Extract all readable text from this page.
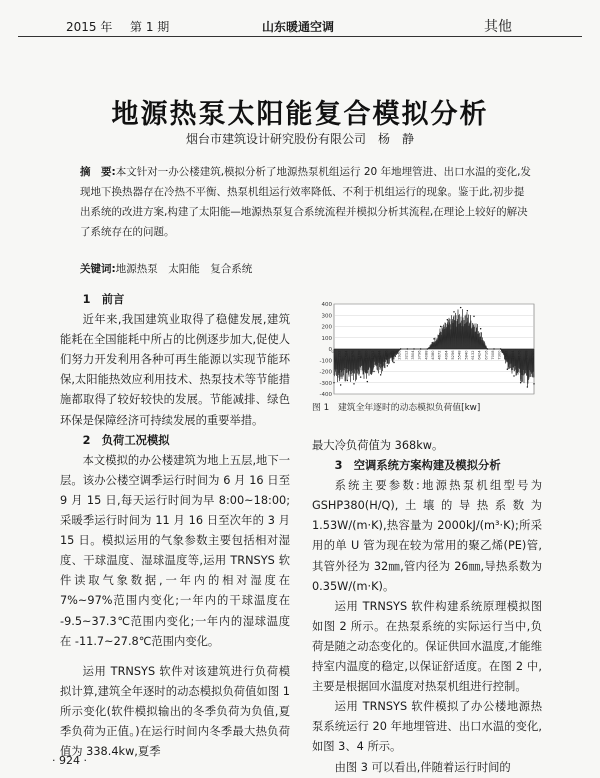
2015 年 第 1 期	山东暖通空调	其他
地源热泵太阳能复合模拟分析
烟台市建筑设计研究股份有限公司　杨　静
摘　要:本文针对一办公楼建筑,模拟分析了地源热泵机组运行 20 年地埋管进、出口水温的变化,发现地下换热器存在冷热不平衡、热泵机组运行效率降低、不利于机组运行的现象。鉴于此,初步提出系统的改进方案,构建了太阳能—地源热泵复合系统流程并模拟分析其流程,在理论上较好的解决了系统存在的问题。
关键词:地源热泵　太阳能　复合系统
1　前言

近年来,我国建筑业取得了稳健发展,建筑能耗在全国能耗中所占的比例逐步加大,促使人们努力开发利用各种可再生能源以实现节能环保,太阳能热效应利用技术、热泵技术等节能措施都取得了较好较快的发展。节能减排、绿色环保是保障经济可持续发展的重要举措。

2　负荷工况模拟

本文模拟的办公楼建筑为地上五层,地下一层。该办公楼空调季运行时间为 6 月 16 日至 9 月 15 日,每天运行时间为早 8:00~18:00;采暖季运行时间为 11 月 16 日至次年的 3 月 15 日。模拟运用的气象参数主要包括相对湿度、干球温度、湿球温度等,运用 TRNSYS 软件读取气象数据,一年内的相对湿度在 7%~97%范围内变化;一年内的干球温度在 -9.5~37.3℃范围内变化;一年内的湿球温度在 -11.7~27.8℃范围内变化。

运用 TRNSYS 软件对该建筑进行负荷模拟计算,建筑全年逐时的动态模拟负荷值如图 1 所示变化(软件模拟输出的冬季负荷为负值,夏季负荷为正值。)在运行时间内冬季最大热负荷值为 338.4kw,夏季

400
300
200
100
0
-100
-200
-300
-400
0 292 584 876 1168 1460 1752 2044 2336 2628 2920 3212 3504 3796 4088 4380 4672 4964 5256 5548 5840 6132 6424 6716 7008 7300 7592 7884 8176 8468 8760
图 1　建筑全年逐时的动态模拟负荷值[kw]

最大冷负荷值为 368kw。

3　空调系统方案构建及模拟分析

系统主要参数:地源热泵机组型号为 GSHP380(H/Q),土壤的导热系数为 1.53W/(m·K),热容量为 2000kJ/(m³·K);所采用的单 U 管为现在较为常用的聚乙烯(PE)管,其管外径为 32㎜,管内径为 26㎜,导热系数为 0.35W/(m·K)。

运用 TRNSYS 软件构建系统原理模拟图如图 2 所示。在热泵系统的实际运行当中,负荷是随之动态变化的。保证供回水温度,才能维持室内温度的稳定,以保证舒适度。在图 2 中,主要是根据回水温度对热泵机组进行控制。

运用 TRNSYS 软件模拟了办公楼地源热泵系统运行 20 年地埋管进、出口水温的变化,如图 3、4 所示。

由图 3 可以看出,伴随着运行时间的

· 924 ·
